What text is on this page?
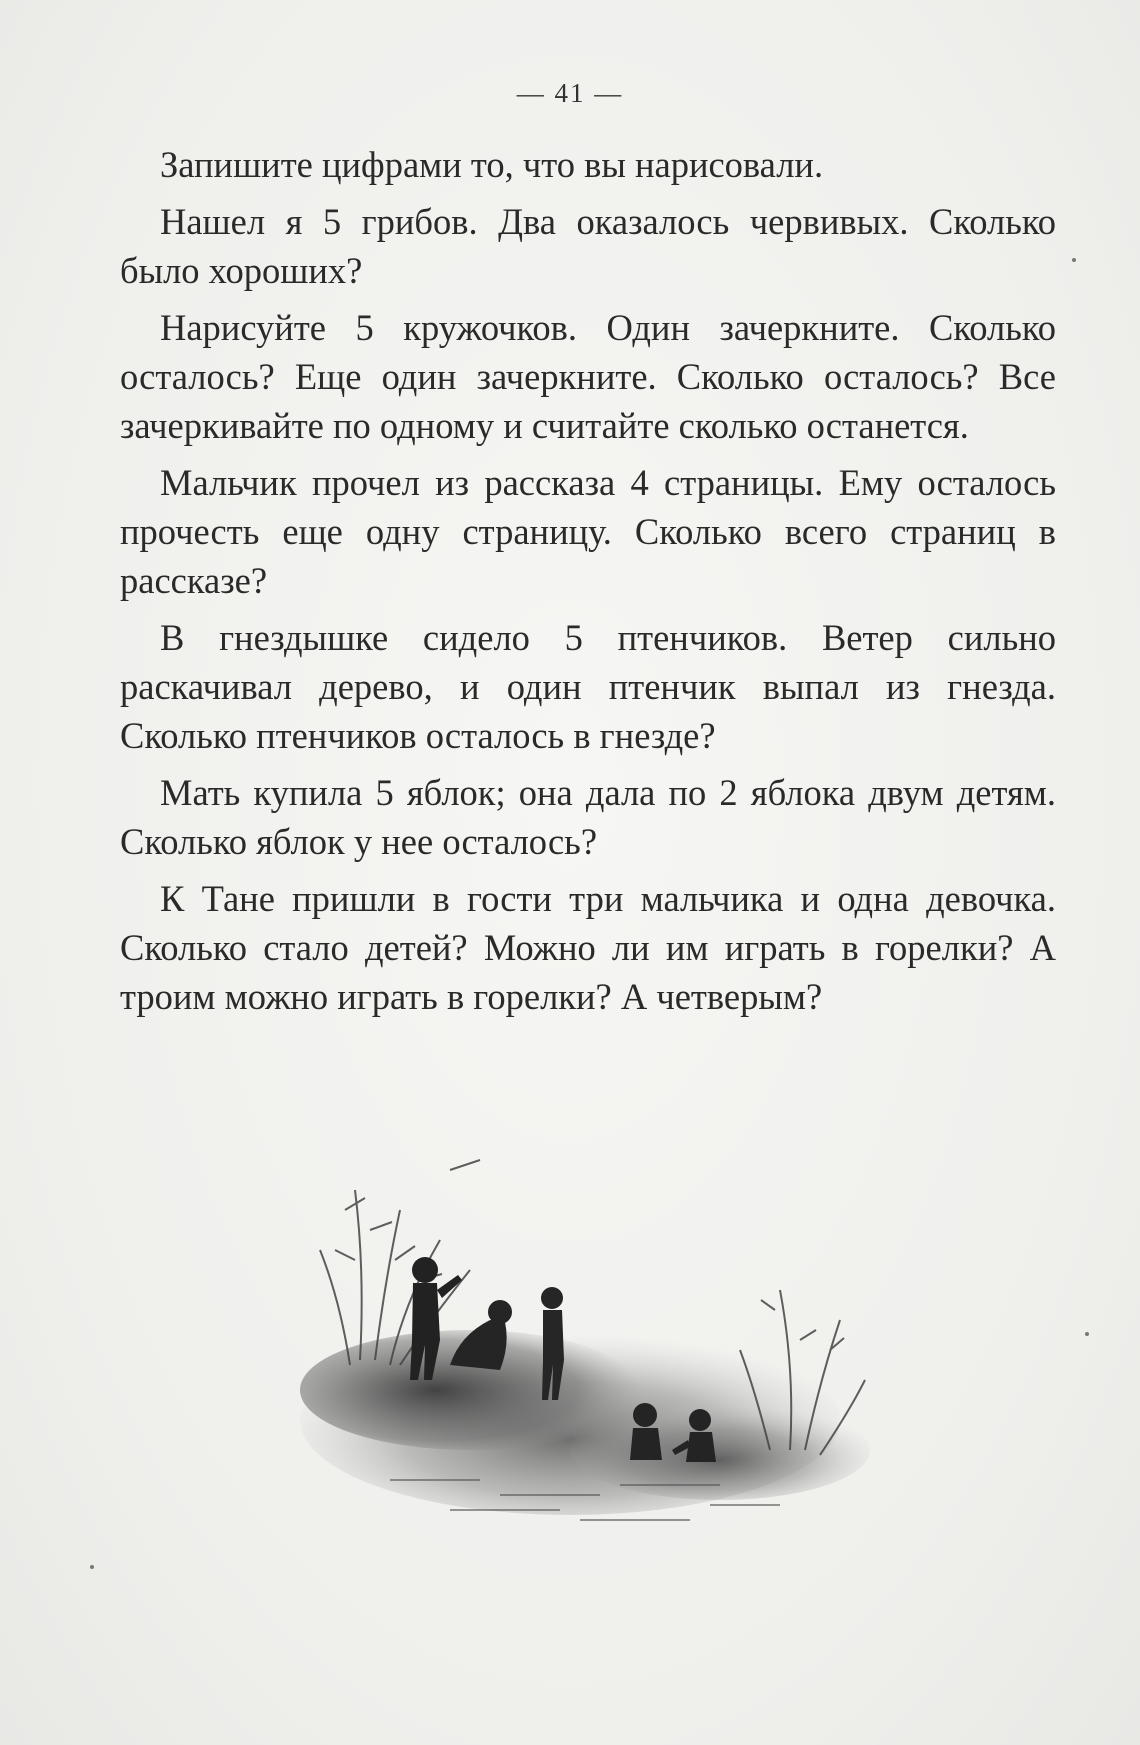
— 41 —

Запишите цифрами то, что вы нарисовали.

Нашел я 5 грибов. Два оказалось червивых. Сколько было хороших?

Нарисуйте 5 кружочков. Один зачеркните. Сколько осталось? Еще один зачеркните. Сколько осталось? Все зачеркивайте по одному и считайте сколько останется.

Мальчик прочел из рассказа 4 страницы. Ему осталось прочесть еще одну страницу. Сколько всего страниц в рассказе?

В гнездышке сидело 5 птенчиков. Ветер сильно раскачивал дерево, и один птенчик выпал из гнезда. Сколько птенчиков осталось в гнезде?

Мать купила 5 яблок; она дала по 2 яблока двум детям. Сколько яблок у нее осталось?

К Тане пришли в гости три мальчика и одна девочка. Сколько стало детей? Можно ли им играть в горелки? А троим можно играть в горелки? А четверым?
